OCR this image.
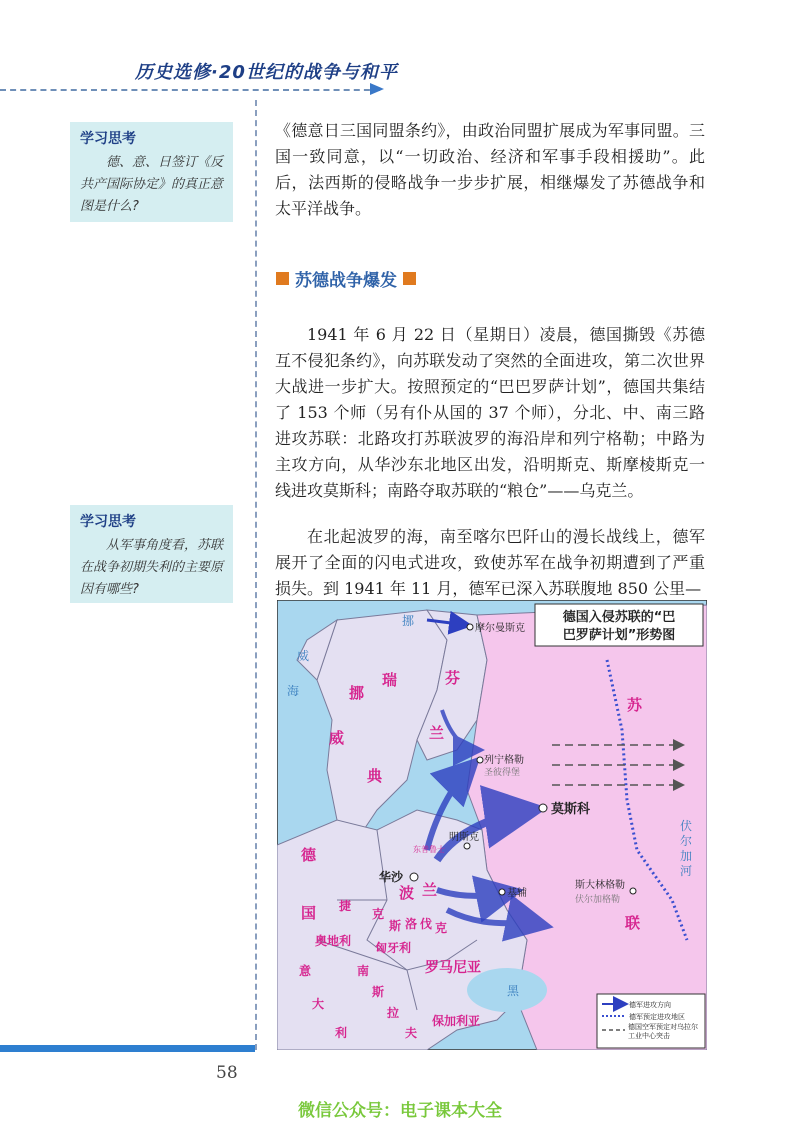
历史选修·20世纪的战争与和平
学习思考

德、意、日签订《反共产国际协定》的真正意图是什么?

学习思考

从军事角度看，苏联在战争初期失利的主要原因有哪些?

《德意日三国同盟条约》，由政治同盟扩展成为军事同盟。三国一致同意，以“一切政治、经济和军事手段相援助”。此后，法西斯的侵略战争一步步扩展，相继爆发了苏德战争和太平洋战争。

苏德战争爆发

1941 年 6 月 22 日（星期日）凌晨，德国撕毁《苏德互不侵犯条约》，向苏联发动了突然的全面进攻，第二次世界大战进一步扩大。按照预定的“巴巴罗萨计划”，德国共集结了 153 个师（另有仆从国的 37 个师），分北、中、南三路进攻苏联：北路攻打苏联波罗的海沿岸和列宁格勒；中路为主攻方向，从华沙东北地区出发，沿明斯克、斯摩棱斯克一线进攻莫斯科；南路夺取苏联的“粮仓”——乌克兰。

在北起波罗的海，南至喀尔巴阡山的漫长战线上，德军展开了全面的闪电式进攻，致使苏军在战争初期遭到了严重损失。到 1941 年 11 月，德军已深入苏联腹地 850 公里—

德国入侵苏联的“巴
巴罗萨计划”形势图
摩尔曼斯克
列宁格勒
圣彼得堡
莫斯科
明斯克
东普鲁士
华沙
基辅
斯大林格勒
伏尔加格勒
挪
威
瑞
典
芬
兰
苏
联
德
国
波 兰
捷
克
斯 洛 伐 克
奥地利 匈牙利
罗马尼亚
南
斯
拉
夫
意
大
利
保加利亚
挪
威
海
黑
伏
尔
加
河
德军进攻方向
德军预定进攻地区
德国空军预定对乌拉尔工业中心突击
58
微信公众号：电子课本大全
